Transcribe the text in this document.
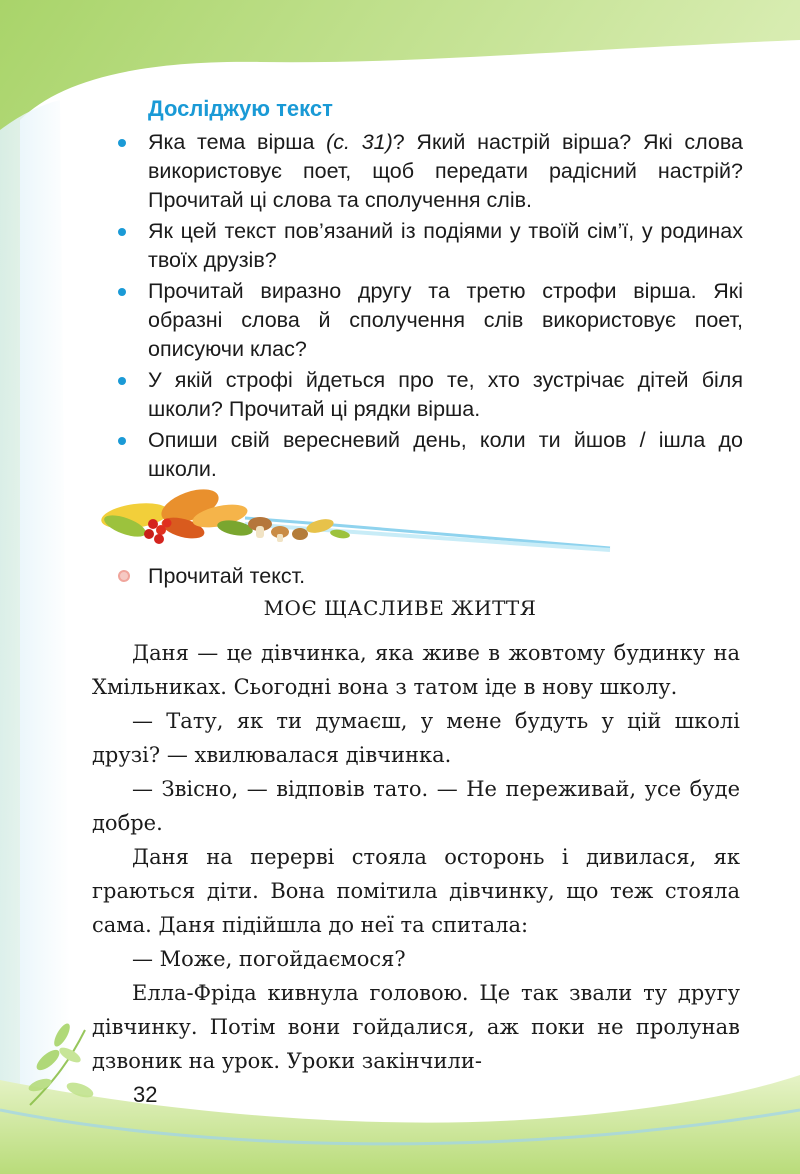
Досліджую текст
Яка тема вірша (с. 31)? Який настрій вірша? Які слова використовує поет, щоб передати радісний настрій? Прочитай ці слова та сполучення слів.
Як цей текст пов’язаний із подіями у твоїй сім’ї, у родинах твоїх друзів?
Прочитай виразно другу та третю строфи вірша. Які образні слова й сполучення слів використовує поет, описуючи клас?
У якій строфі йдеться про те, хто зустрічає дітей біля школи? Прочитай ці рядки вірша.
Опиши свій вересневий день, коли ти йшов / ішла до школи.
Прочитай текст.
МОЄ ЩАСЛИВЕ ЖИТТЯ

Даня — це дівчинка, яка живе в жовтому будинку на Хмільниках. Сьогодні вона з татом іде в нову школу.

— Тату, як ти думаєш, у мене будуть у цій школі друзі? — хвилювалася дівчинка.

— Звісно, — відповів тато. — Не переживай, усе буде добре.

Даня на перерві стояла осторонь і дивилася, як граються діти. Вона помітила дівчинку, що теж стояла сама. Даня підійшла до неї та спитала:

— Може, погойдаємося?

Елла-Фріда кивнула головою. Це так звали ту другу дівчинку. Потім вони гойдалися, аж поки не пролунав дзвоник на урок. Уроки закінчили-

32
